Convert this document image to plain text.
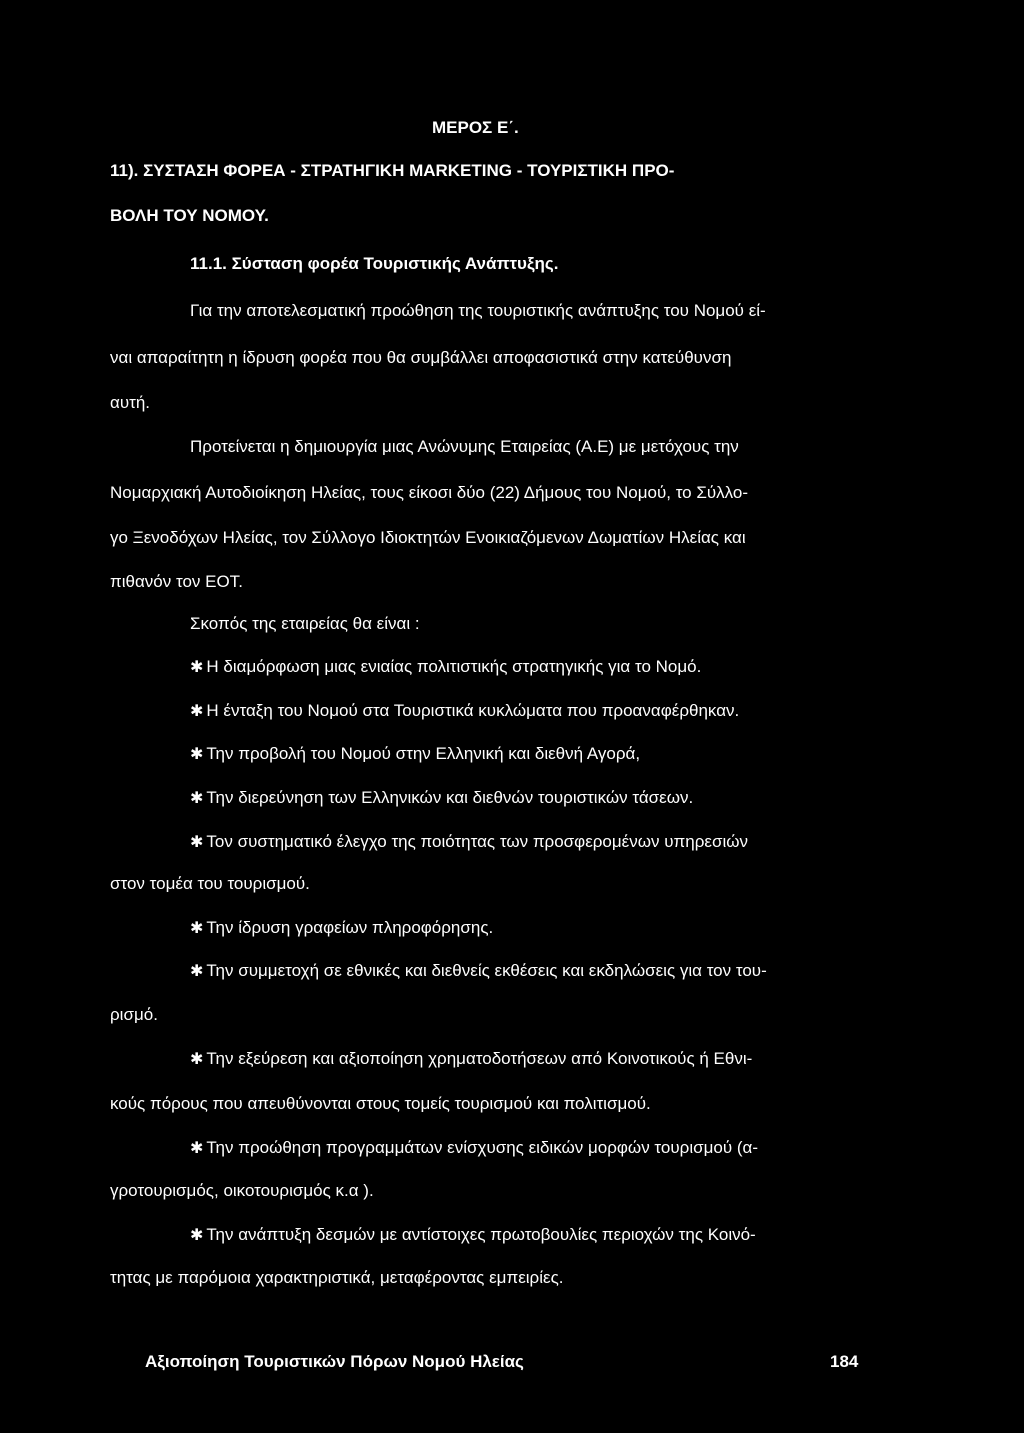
ΜΕΡΟΣ Ε΄.
11). ΣΥΣΤΑΣΗ ΦΟΡΕΑ - ΣΤΡΑΤΗΓΙΚΗ MARKETING - ΤΟΥΡΙΣΤΙΚΗ ΠΡΟ-
ΒΟΛΗ ΤΟΥ ΝΟΜΟΥ.
11.1. Σύσταση φορέα Τουριστικής Ανάπτυξης.
Για την αποτελεσματική προώθηση της τουριστικής ανάπτυξης του Νομού εί-
ναι απαραίτητη η ίδρυση φορέα που θα συμβάλλει αποφασιστικά στην κατεύθυνση
αυτή.
Προτείνεται η δημιουργία μιας Ανώνυμης Εταιρείας (Α.Ε) με μετόχους την
Νομαρχιακή Αυτοδιοίκηση Ηλείας, τους είκοσι δύο (22) Δήμους του Νομού, το Σύλλο-
γο Ξενοδόχων Ηλείας, τον Σύλλογο Ιδιοκτητών Ενοικιαζόμενων Δωματίων Ηλείας και
πιθανόν τον ΕΟΤ.
Σκοπός της εταιρείας θα είναι :
✱ Η διαμόρφωση μιας ενιαίας πολιτιστικής στρατηγικής για το Νομό.
✱ Η ένταξη του Νομού στα Τουριστικά κυκλώματα που προαναφέρθηκαν.
✱ Την προβολή του Νομού στην Ελληνική και διεθνή Αγορά,
✱ Την διερεύνηση των Ελληνικών και διεθνών τουριστικών τάσεων.
✱ Τον συστηματικό έλεγχο της ποιότητας των προσφερομένων υπηρεσιών
στον τομέα του τουρισμού.
✱ Την ίδρυση γραφείων πληροφόρησης.
✱ Την συμμετοχή σε εθνικές και διεθνείς εκθέσεις και εκδηλώσεις για τον του-
ρισμό.
✱ Την εξεύρεση και αξιοποίηση χρηματοδοτήσεων από Κοινοτικούς ή Εθνι-
κούς πόρους που απευθύνονται στους τομείς τουρισμού και πολιτισμού.
✱ Την προώθηση προγραμμάτων ενίσχυσης ειδικών μορφών τουρισμού (α-
γροτουρισμός, οικοτουρισμός κ.α ).
✱ Την ανάπτυξη δεσμών με αντίστοιχες πρωτοβουλίες περιοχών της Κοινό-
τητας με παρόμοια χαρακτηριστικά, μεταφέροντας εμπειρίες.
Αξιοποίηση Τουριστικών Πόρων Νομού Ηλείας	184
